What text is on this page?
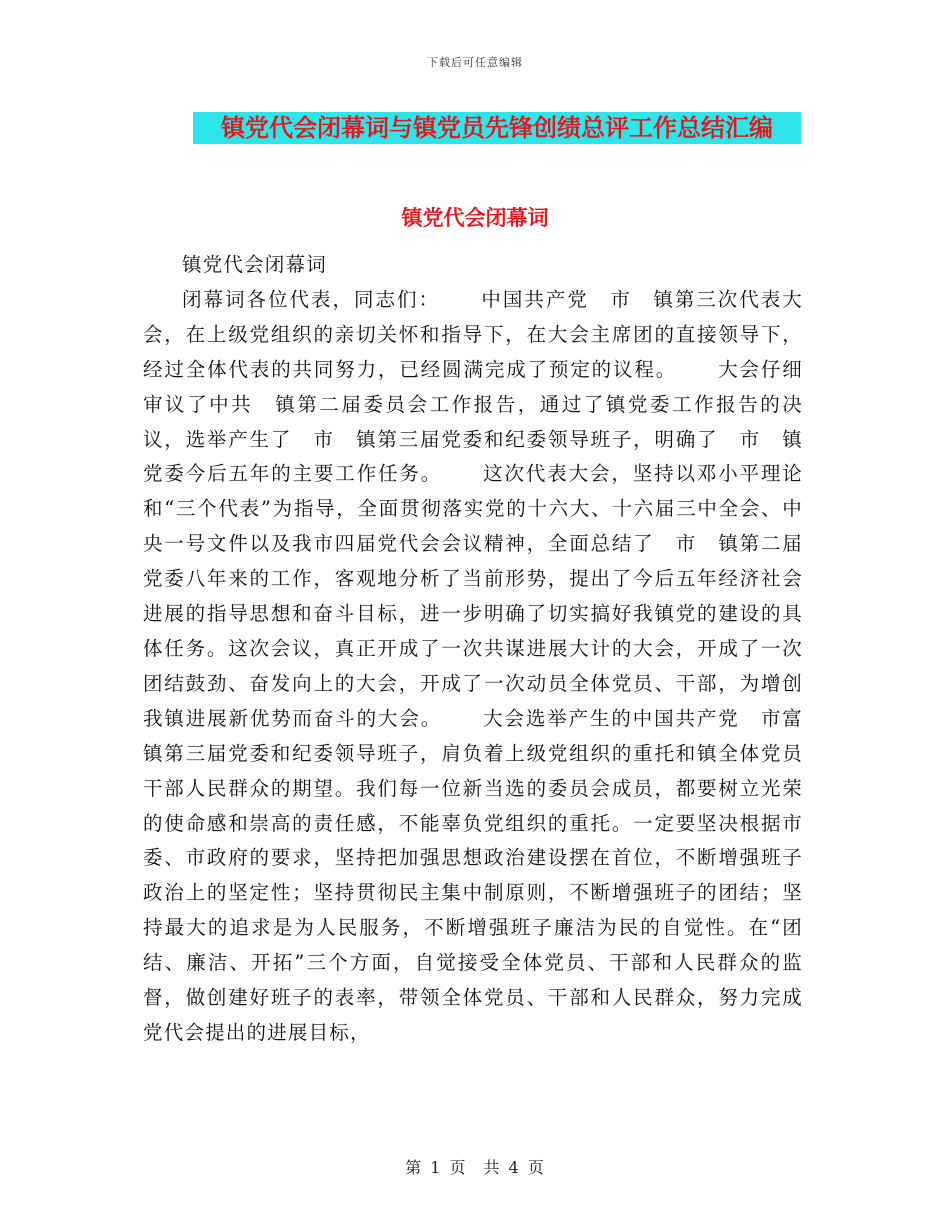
下载后可任意编辑
镇党代会闭幕词与镇党员先锋创绩总评工作总结汇编
镇党代会闭幕词

镇党代会闭幕词

闭幕词各位代表，同志们：　　 中国共产党　市　镇第三次代表大会，在上级党组织的亲切关怀和指导下，在大会主席团的直接领导下，经过全体代表的共同努力，已经圆满完成了预定的议程。　　 大会仔细审议了中共　镇第二届委员会工作报告，通过了镇党委工作报告的决议，选举产生了　市　镇第三届党委和纪委领导班子，明确了　市　镇党委今后五年的主要工作任务。　　 这次代表大会，坚持以邓小平理论和“三个代表”为指导，全面贯彻落实党的十六大、十六届三中全会、中央一号文件以及我市四届党代会会议精神，全面总结了　市　镇第二届党委八年来的工作，客观地分析了当前形势，提出了今后五年经济社会进展的指导思想和奋斗目标，进一步明确了切实搞好我镇党的建设的具体任务。这次会议，真正开成了一次共谋进展大计的大会，开成了一次团结鼓劲、奋发向上的大会，开成了一次动员全体党员、干部，为增创我镇进展新优势而奋斗的大会。　　 大会选举产生的中国共产党　市富　镇第三届党委和纪委领导班子，肩负着上级党组织的重托和镇全体党员干部人民群众的期望。我们每一位新当选的委员会成员，都要树立光荣的使命感和崇高的责任感，不能辜负党组织的重托。一定要坚决根据市委、市政府的要求，坚持把加强思想政治建设摆在首位，不断增强班子政治上的坚定性；坚持贯彻民主集中制原则，不断增强班子的团结；坚持最大的追求是为人民服务，不断增强班子廉洁为民的自觉性。在“团结、廉洁、开拓”三个方面，自觉接受全体党员、干部和人民群众的监督，做创建好班子的表率，带领全体党员、干部和人民群众，努力完成党代会提出的进展目标，

第 1 页　共 4 页
